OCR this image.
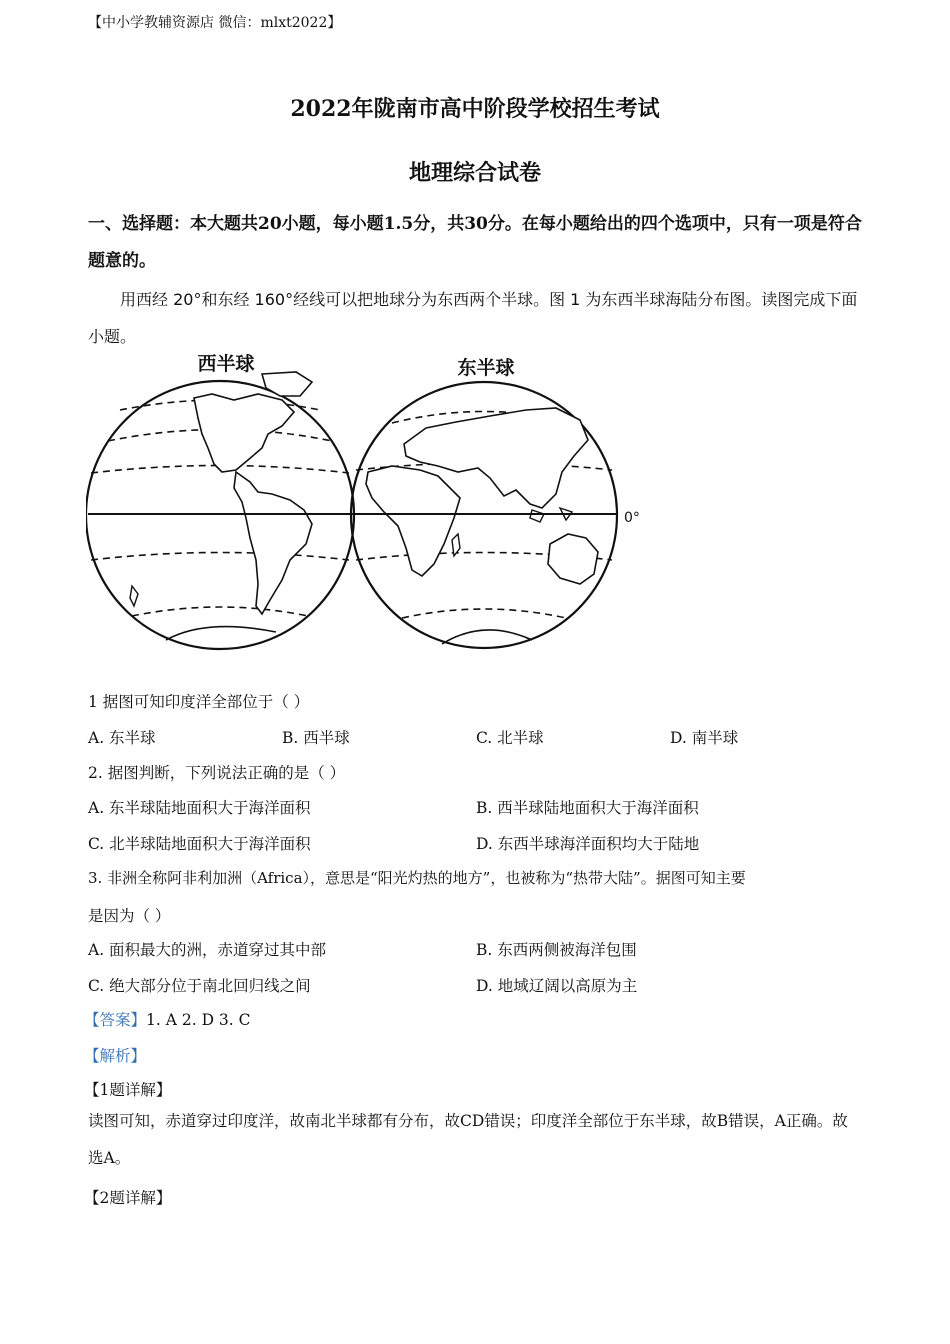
【中小学教辅资源店 微信：mlxt2022】
2022年陇南市高中阶段学校招生考试
地理综合试卷
一、选择题：本大题共20小题，每小题1.5分，共30分。在每小题给出的四个选项中，只有一项是符合题意的。
用西经 20°和东经 160°经线可以把地球分为东西两个半球。图 1 为东西半球海陆分布图。读图完成下面小题。
西半球	东半球
0°
1 据图可知印度洋全部位于（ ）
A. 东半球	B. 西半球	C. 北半球	D. 南半球
2. 据图判断，下列说法正确的是（ ）
A. 东半球陆地面积大于海洋面积	B. 西半球陆地面积大于海洋面积
C. 北半球陆地面积大于海洋面积	D. 东西半球海洋面积均大于陆地
3. 非洲全称阿非利加洲（Africa），意思是“阳光灼热的地方”，也被称为“热带大陆”。据图可知主要
是因为（ ）
A. 面积最大的洲，赤道穿过其中部	B. 东西两侧被海洋包围
C. 绝大部分位于南北回归线之间	D. 地域辽阔以高原为主
【答案】1. A 2. D 3. C
【解析】
【1题详解】
读图可知，赤道穿过印度洋，故南北半球都有分布，故CD错误；印度洋全部位于东半球，故B错误，A正确。故选A。
【2题详解】
